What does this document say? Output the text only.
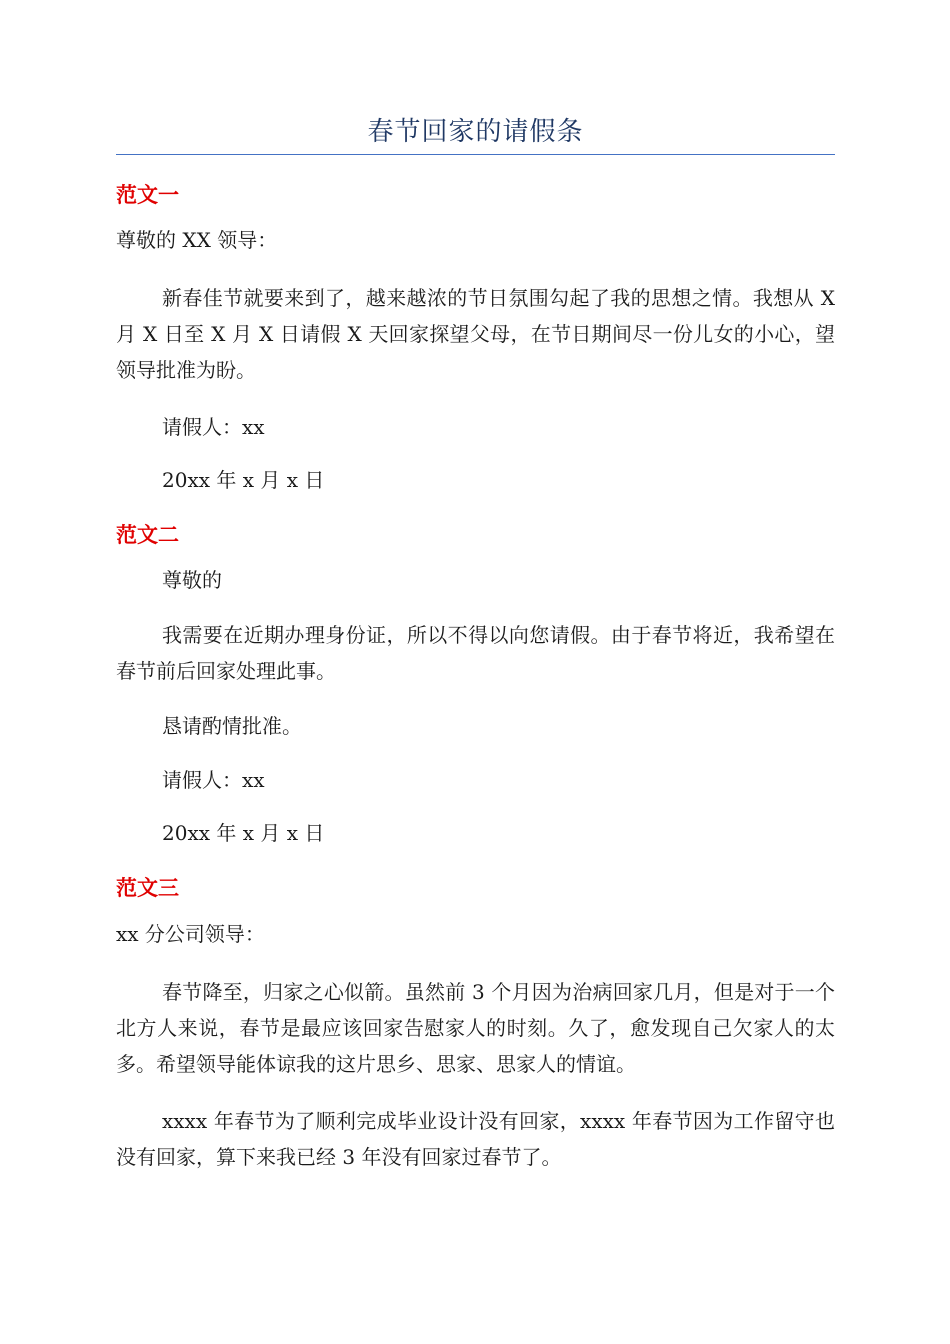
春节回家的请假条
范文一
尊敬的 XX 领导：
新春佳节就要来到了，越来越浓的节日氛围勾起了我的思想之情。我想从 X 月 X 日至 X 月 X 日请假 X 天回家探望父母，在节日期间尽一份儿女的小心，望领导批准为盼。
请假人：xx
20xx 年 x 月 x 日
范文二
尊敬的
我需要在近期办理身份证，所以不得以向您请假。由于春节将近，我希望在春节前后回家处理此事。
恳请酌情批准。
请假人：xx
20xx 年 x 月 x 日
范文三
xx 分公司领导：
春节降至，归家之心似箭。虽然前 3 个月因为治病回家几月，但是对于一个北方人来说，春节是最应该回家告慰家人的时刻。久了，愈发现自己欠家人的太多。希望领导能体谅我的这片思乡、思家、思家人的情谊。
xxxx 年春节为了顺利完成毕业设计没有回家，xxxx 年春节因为工作留守也没有回家，算下来我已经 3 年没有回家过春节了。
